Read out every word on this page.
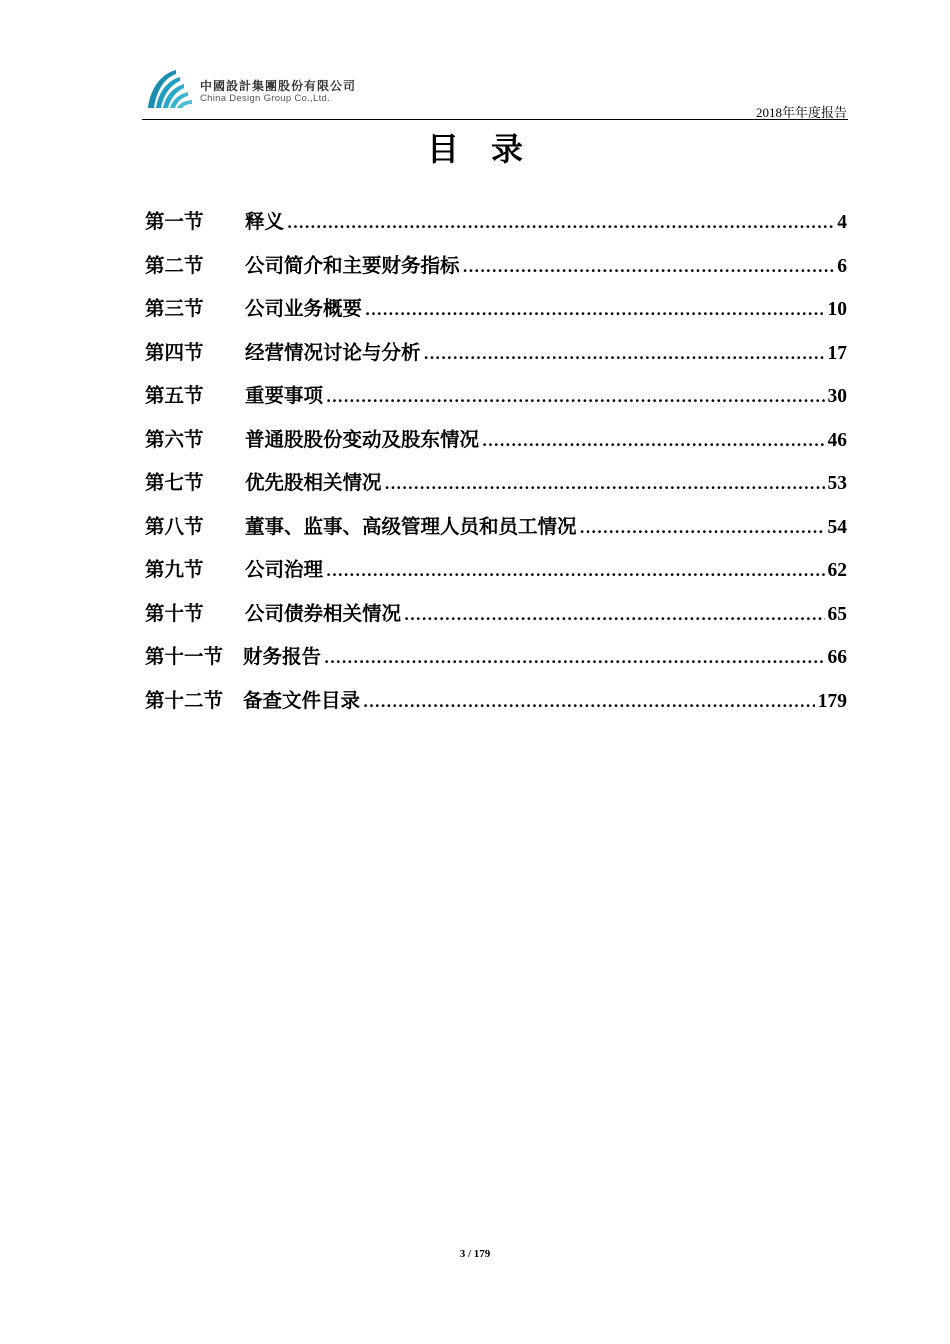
中國設計集團股份有限公司
China Design Group Co.,Ltd.
2018年年度报告
目录
第一节	释义 .....	4
第二节	公司简介和主要财务指标 .....	6
第三节	公司业务概要 .....	10
第四节	经营情况讨论与分析 .....	17
第五节	重要事项 .....	30
第六节	普通股股份变动及股东情况 .....	46
第七节	优先股相关情况 .....	53
第八节	董事、监事、高级管理人员和员工情况 .....	54
第九节	公司治理 .....	62
第十节	公司债券相关情况 .....	65
第十一节	财务报告 .....	66
第十二节	备查文件目录 .....	179
3 / 179
